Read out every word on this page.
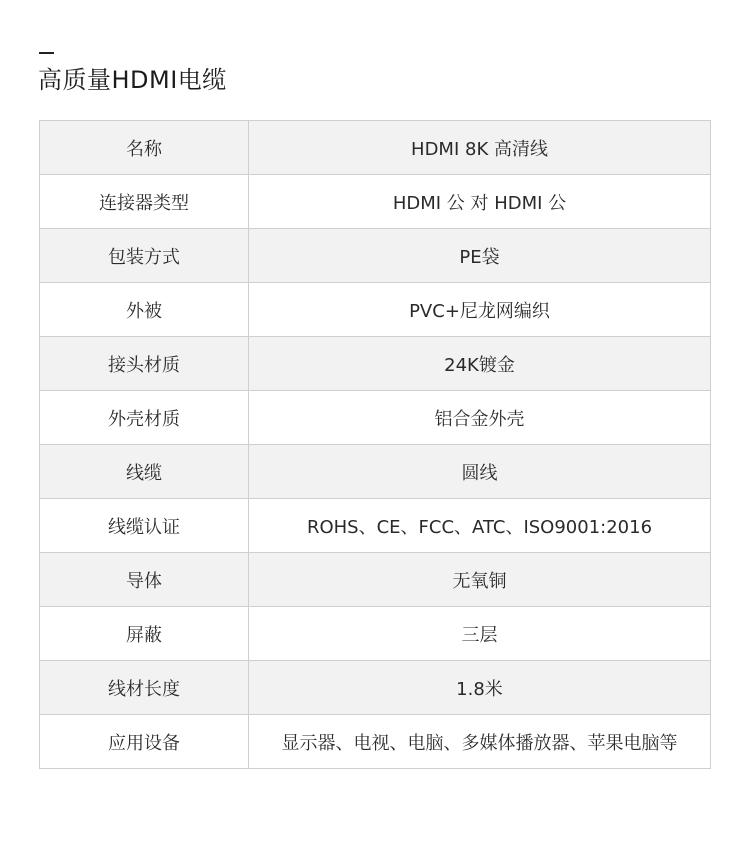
高质量HDMI电缆
名称	HDMI 8K 高清线
连接器类型	HDMI 公 对 HDMI 公
包装方式	PE袋
外被	PVC+尼龙网编织
接头材质	24K镀金
外壳材质	铝合金外壳
线缆	圆线
线缆认证	ROHS、CE、FCC、ATC、ISO9001:2016
导体	无氧铜
屏蔽	三层
线材长度	1.8米
应用设备	显示器、电视、电脑、多媒体播放器、苹果电脑等
